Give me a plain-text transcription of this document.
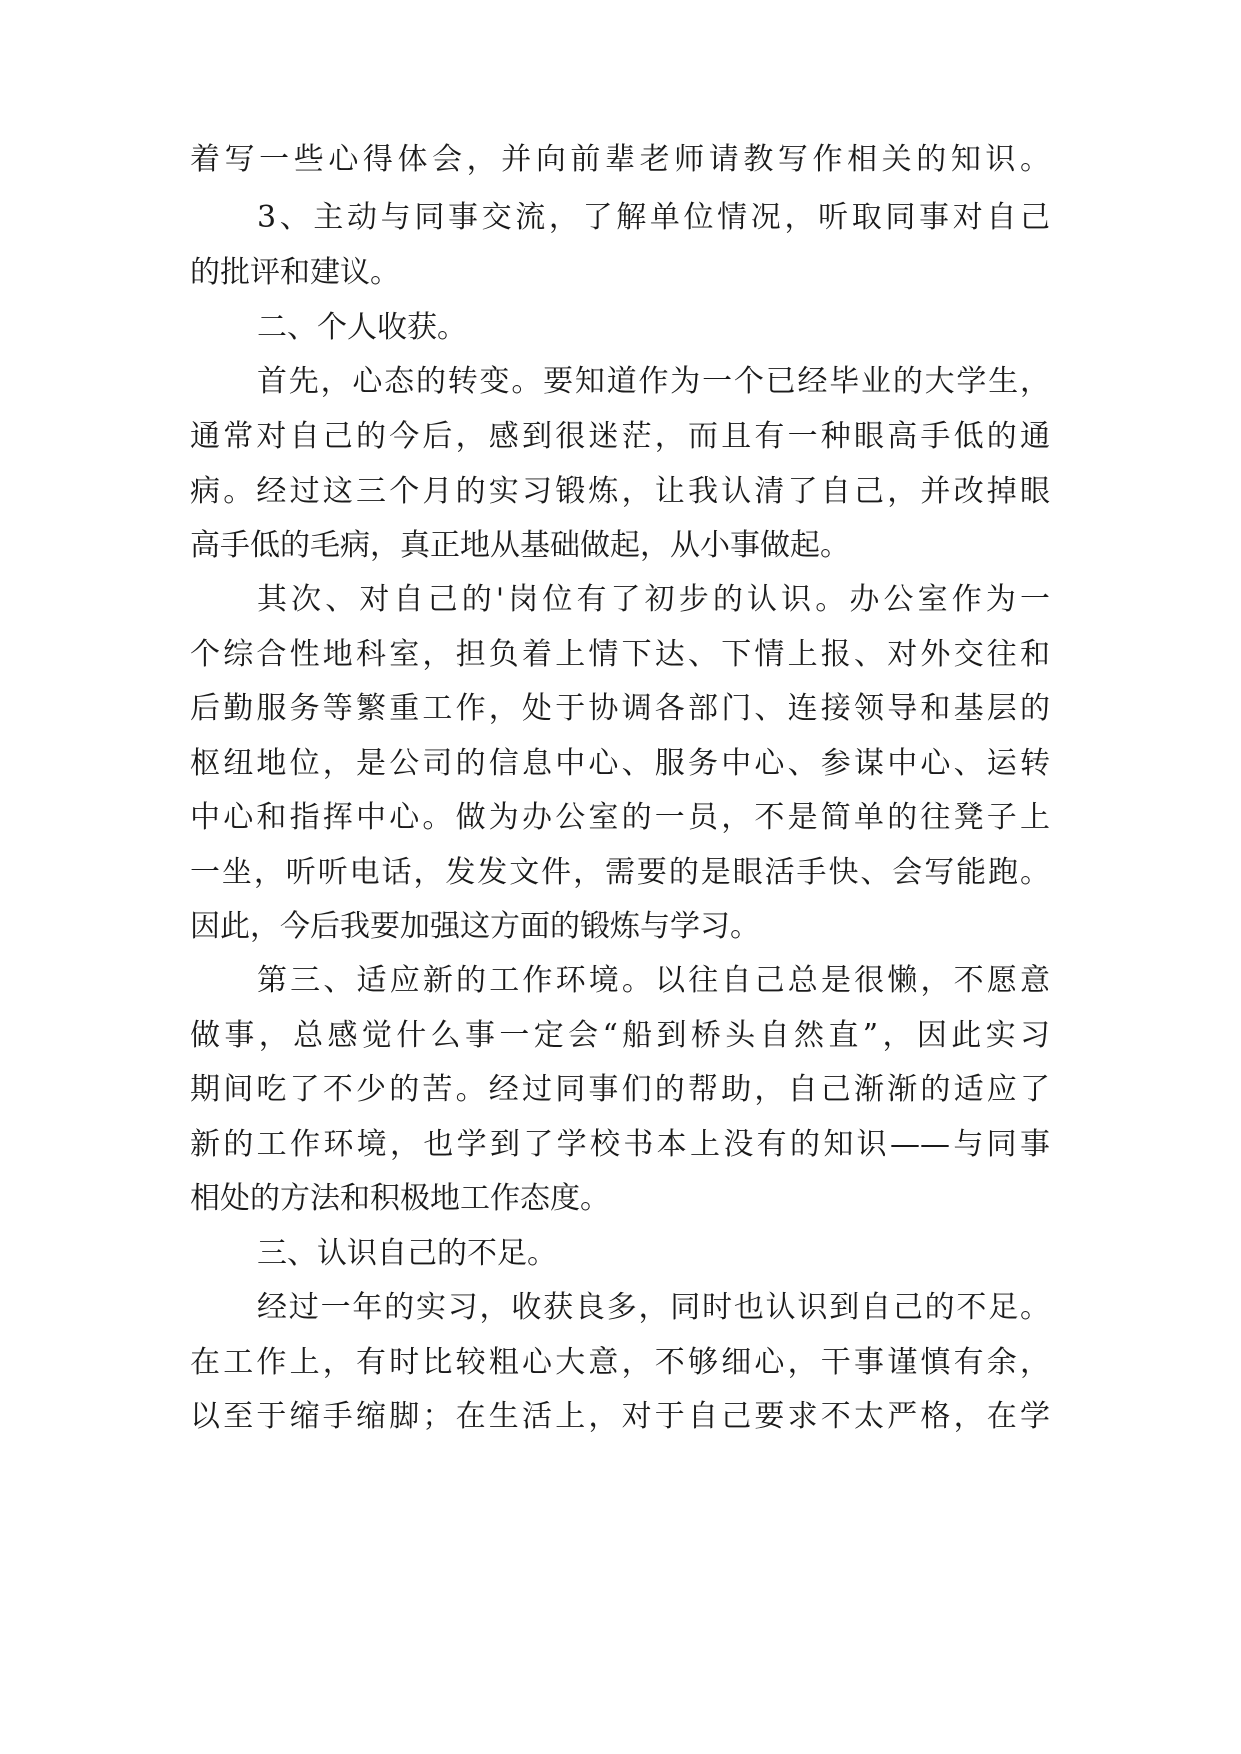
着写一些心得体会，并向前辈老师请教写作相关的知识。
3、主动与同事交流，了解单位情况，听取同事对自己
的批评和建议。
二、个人收获。
首先，心态的转变。要知道作为一个已经毕业的大学生，
通常对自己的今后，感到很迷茫，而且有一种眼高手低的通
病。经过这三个月的实习锻炼，让我认清了自己，并改掉眼
高手低的毛病，真正地从基础做起，从小事做起。
其次、对自己的'岗位有了初步的认识。办公室作为一
个综合性地科室，担负着上情下达、下情上报、对外交往和
后勤服务等繁重工作，处于协调各部门、连接领导和基层的
枢纽地位，是公司的信息中心、服务中心、参谋中心、运转
中心和指挥中心。做为办公室的一员，不是简单的往凳子上
一坐，听听电话，发发文件，需要的是眼活手快、会写能跑。
因此，今后我要加强这方面的锻炼与学习。
第三、适应新的工作环境。以往自己总是很懒，不愿意
做事，总感觉什么事一定会“船到桥头自然直”，因此实习
期间吃了不少的苦。经过同事们的帮助，自己渐渐的适应了
新的工作环境，也学到了学校书本上没有的知识——与同事
相处的方法和积极地工作态度。
三、认识自己的不足。
经过一年的实习，收获良多，同时也认识到自己的不足。
在工作上，有时比较粗心大意，不够细心，干事谨慎有余，
以至于缩手缩脚；在生活上，对于自己要求不太严格，在学
